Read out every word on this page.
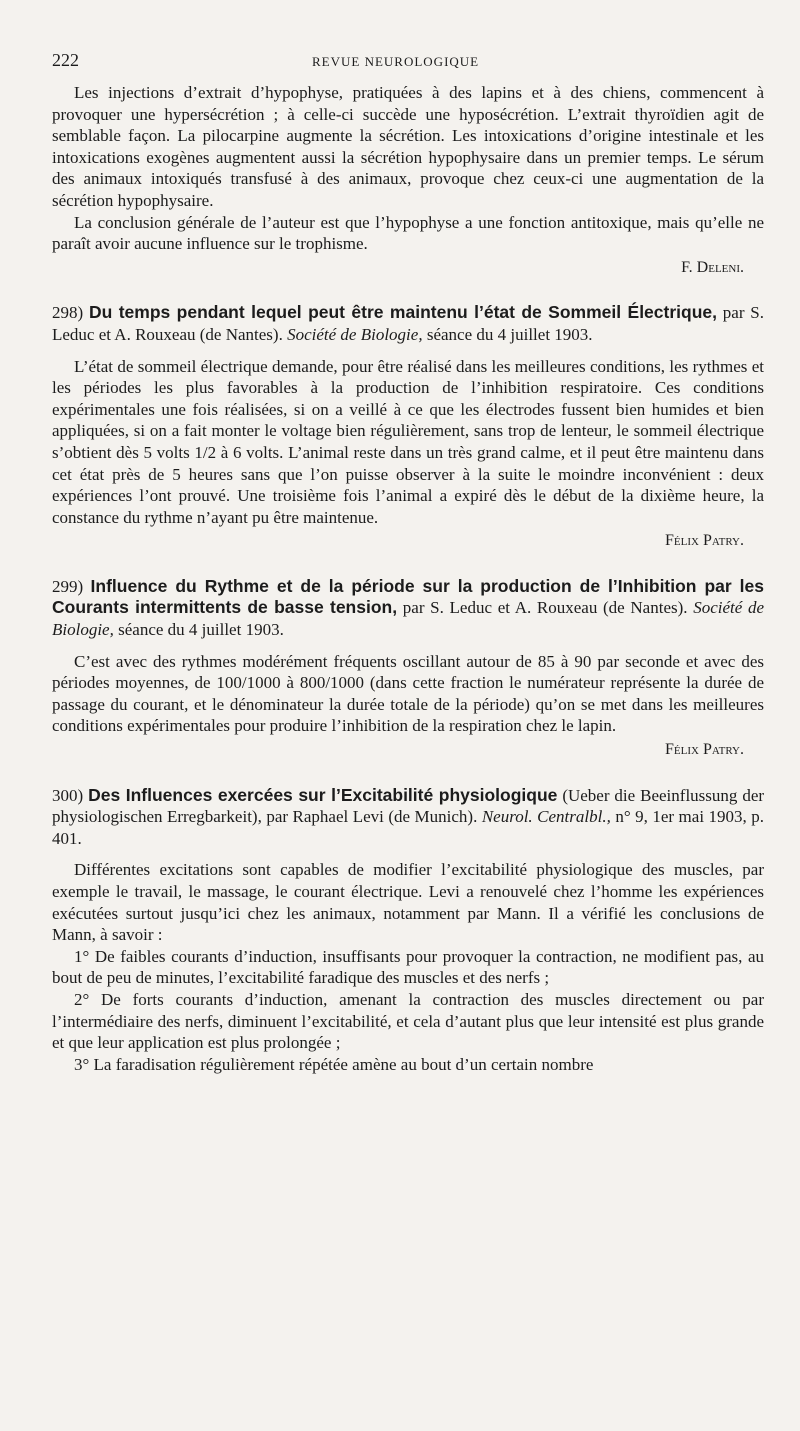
222	REVUE NEUROLOGIQUE

Les injections d’extrait d’hypophyse, pratiquées à des lapins et à des chiens, commencent à provoquer une hypersécrétion ; à celle-ci succède une hyposécrétion. L’extrait thyroïdien agit de semblable façon. La pilocarpine augmente la sécrétion. Les intoxications d’origine intestinale et les intoxications exogènes augmentent aussi la sécrétion hypophysaire dans un premier temps. Le sérum des animaux intoxiqués transfusé à des animaux, provoque chez ceux-ci une augmentation de la sécrétion hypophysaire.

La conclusion générale de l’auteur est que l’hypophyse a une fonction antitoxique, mais qu’elle ne paraît avoir aucune influence sur le trophisme.

F. Deleni.
298) Du temps pendant lequel peut être maintenu l’état de Sommeil Électrique, par S. Leduc et A. Rouxeau (de Nantes). Société de Biologie, séance du 4 juillet 1903.

L’état de sommeil électrique demande, pour être réalisé dans les meilleures conditions, les rythmes et les périodes les plus favorables à la production de l’inhibition respiratoire. Ces conditions expérimentales une fois réalisées, si on a veillé à ce que les électrodes fussent bien humides et bien appliquées, si on a fait monter le voltage bien régulièrement, sans trop de lenteur, le sommeil électrique s’obtient dès 5 volts 1/2 à 6 volts. L’animal reste dans un très grand calme, et il peut être maintenu dans cet état près de 5 heures sans que l’on puisse observer à la suite le moindre inconvénient : deux expériences l’ont prouvé. Une troisième fois l’animal a expiré dès le début de la dixième heure, la constance du rythme n’ayant pu être maintenue.

Félix Patry.
299) Influence du Rythme et de la période sur la production de l’Inhibition par les Courants intermittents de basse tension, par S. Leduc et A. Rouxeau (de Nantes). Société de Biologie, séance du 4 juillet 1903.

C’est avec des rythmes modérément fréquents oscillant autour de 85 à 90 par seconde et avec des périodes moyennes, de 100/1000 à 800/1000 (dans cette fraction le numérateur représente la durée de passage du courant, et le dénominateur la durée totale de la période) qu’on se met dans les meilleures conditions expérimentales pour produire l’inhibition de la respiration chez le lapin.

Félix Patry.
300) Des Influences exercées sur l’Excitabilité physiologique (Ueber die Beeinflussung der physiologischen Erregbarkeit), par Raphael Levi (de Munich). Neurol. Centralbl., n° 9, 1er mai 1903, p. 401.

Différentes excitations sont capables de modifier l’excitabilité physiologique des muscles, par exemple le travail, le massage, le courant électrique. Levi a renouvelé chez l’homme les expériences exécutées surtout jusqu’ici chez les animaux, notamment par Mann. Il a vérifié les conclusions de Mann, à savoir :

1° De faibles courants d’induction, insuffisants pour provoquer la contraction, ne modifient pas, au bout de peu de minutes, l’excitabilité faradique des muscles et des nerfs ;

2° De forts courants d’induction, amenant la contraction des muscles directement ou par l’intermédiaire des nerfs, diminuent l’excitabilité, et cela d’autant plus que leur intensité est plus grande et que leur application est plus prolongée ;

3° La faradisation régulièrement répétée amène au bout d’un certain nombre
